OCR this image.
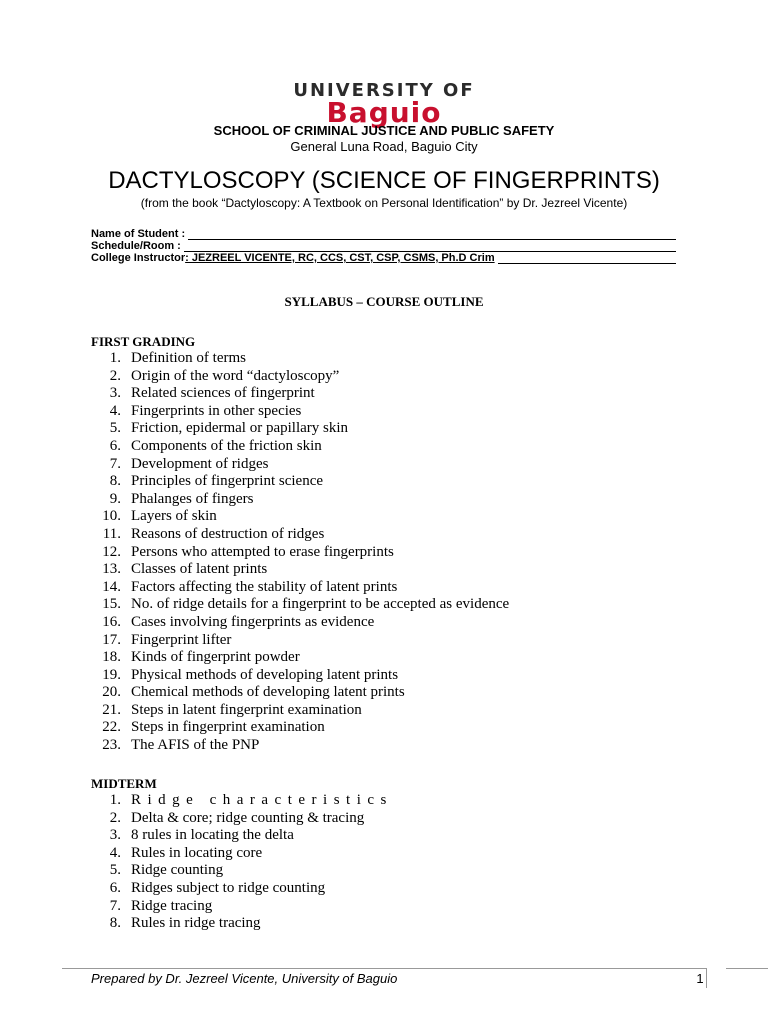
UNIVERSITY OF
Baguio
SCHOOL OF CRIMINAL JUSTICE AND PUBLIC SAFETY
General Luna Road, Baguio City
DACTYLOSCOPY (SCIENCE OF FINGERPRINTS)
(from the book “Dactyloscopy: A Textbook on Personal Identification” by Dr. Jezreel Vicente)
Name of Student :
Schedule/Room :
College Instructor : JEZREEL VICENTE, RC, CCS, CST, CSP, CSMS, Ph.D Crim
SYLLABUS – COURSE OUTLINE
FIRST GRADING
1. Definition of terms
2. Origin of the word “dactyloscopy”
3. Related sciences of fingerprint
4. Fingerprints in other species
5. Friction, epidermal or papillary skin
6. Components of the friction skin
7. Development of ridges
8. Principles of fingerprint science
9. Phalanges of fingers
10. Layers of skin
11. Reasons of destruction of ridges
12. Persons who attempted to erase fingerprints
13. Classes of latent prints
14. Factors affecting the stability of latent prints
15. No. of ridge details for a fingerprint to be accepted as evidence
16. Cases involving fingerprints as evidence
17. Fingerprint lifter
18. Kinds of fingerprint powder
19. Physical methods of developing latent prints
20. Chemical methods of developing latent prints
21. Steps in latent fingerprint examination
22. Steps in fingerprint examination
23. The AFIS of the PNP
MIDTERM
1. Ridge characteristics
2. Delta & core; ridge counting & tracing
3. 8 rules in locating the delta
4. Rules in locating core
5. Ridge counting
6. Ridges subject to ridge counting
7. Ridge tracing
8. Rules in ridge tracing
Prepared by Dr. Jezreel Vicente, University of Baguio	1
